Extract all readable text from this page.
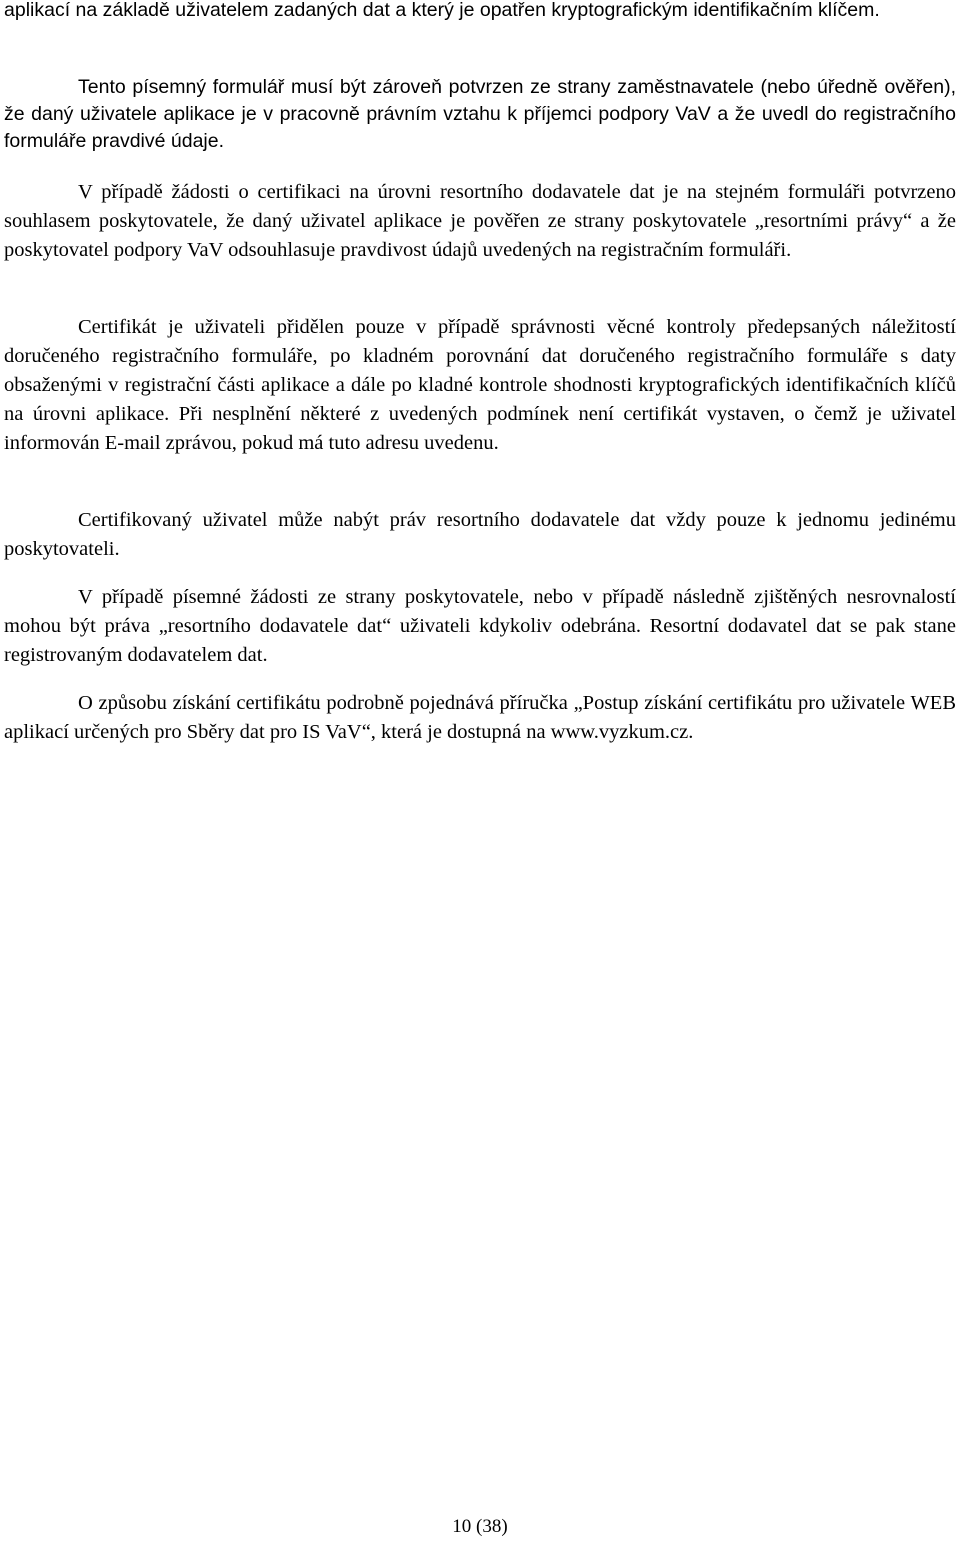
aplikací na základě uživatelem zadaných dat a který je opatřen kryptografickým identifikačním klíčem.

Tento písemný formulář musí být zároveň potvrzen ze strany zaměstnavatele (nebo úředně ověřen), že daný uživatele aplikace je v pracovně právním vztahu k příjemci podpory VaV a že uvedl do registračního formuláře pravdivé údaje.

V případě žádosti o certifikaci na úrovni resortního dodavatele dat je na stejném formuláři potvrzeno souhlasem poskytovatele, že daný uživatel aplikace je pověřen ze strany poskytovatele „resortními právy“ a že poskytovatel podpory VaV odsouhlasuje pravdivost údajů uvedených na registračním formuláři.

Certifikát je uživateli přidělen pouze v případě správnosti věcné kontroly předepsaných náležitostí doručeného registračního formuláře, po kladném porovnání dat doručeného registračního formuláře s daty obsaženými v registrační části aplikace a dále po kladné kontrole shodnosti kryptografických identifikačních klíčů na úrovni aplikace. Při nesplnění některé z uvedených podmínek není certifikát vystaven, o čemž je uživatel informován E-mail zprávou, pokud má tuto adresu uvedenu.

Certifikovaný uživatel může nabýt práv resortního dodavatele dat vždy pouze k jednomu jedinému poskytovateli.

V případě písemné žádosti ze strany poskytovatele, nebo v případě následně zjištěných nesrovnalostí mohou být práva „resortního dodavatele dat“ uživateli kdykoliv odebrána. Resortní dodavatel dat se pak stane registrovaným dodavatelem dat.

O způsobu získání certifikátu podrobně pojednává příručka „Postup získání certifikátu pro uživatele WEB aplikací určených pro Sběry dat pro IS VaV“, která je dostupná na www.vyzkum.cz.

10 (38)
